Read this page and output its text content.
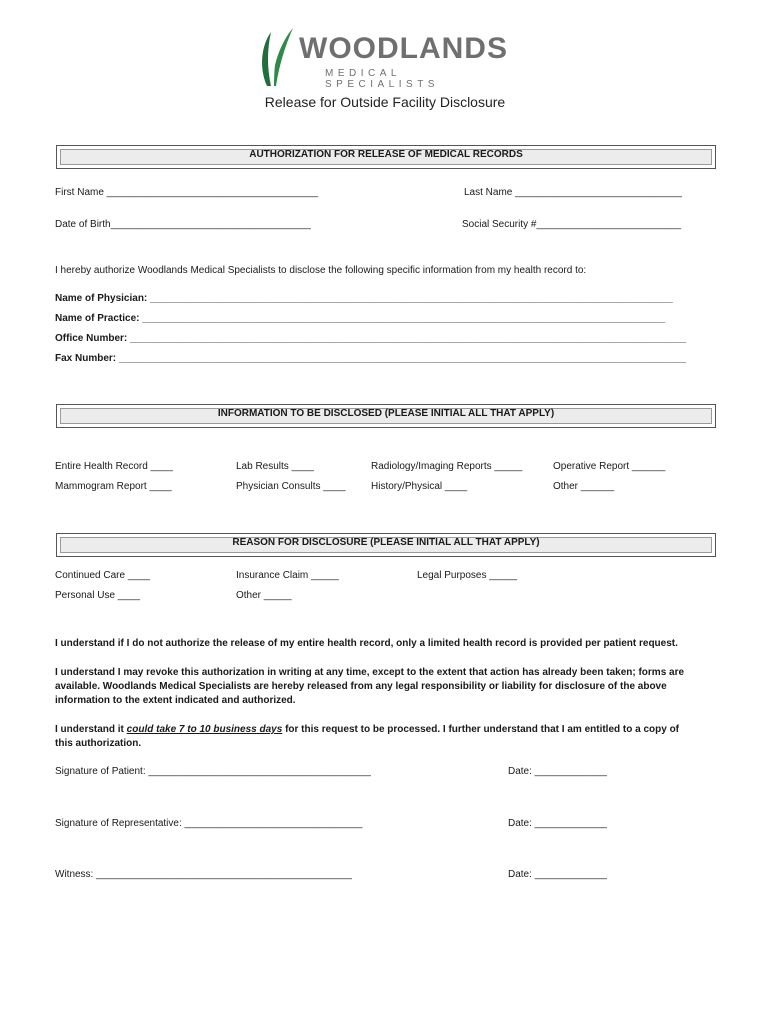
WOODLANDS
MEDICAL SPECIALISTS
Release for Outside Facility Disclosure
AUTHORIZATION FOR RELEASE OF MEDICAL RECORDS
First Name ______________________________________	Last Name ______________________________
Date of Birth____________________________________	Social Security #__________________________
I hereby authorize Woodlands Medical Specialists to disclose the following specific information from my health record to:
Name of Physician: ______________________________________________________________________________________________
Name of Practice: ______________________________________________________________________________________________
Office Number: ____________________________________________________________________________________________________
Fax Number: ______________________________________________________________________________________________________
INFORMATION TO BE DISCLOSED (PLEASE INITIAL ALL THAT APPLY)
Entire Health Record ____	Lab Results ____	Radiology/Imaging Reports _____	Operative Report ______
Mammogram Report ____	Physician Consults ____	History/Physical ____	Other ______
REASON FOR DISCLOSURE (PLEASE INITIAL ALL THAT APPLY)
Continued Care ____	Insurance Claim _____	Legal Purposes _____
Personal Use ____	Other _____
I understand if I do not authorize the release of my entire health record, only a limited health record is provided per patient request.
I understand I may revoke this authorization in writing at any time, except to the extent that action has already been taken; forms are
available. Woodlands Medical Specialists are hereby released from any legal responsibility or liability for disclosure of the above
information to the extent indicated and authorized.
I understand it could take 7 to 10 business days for this request to be processed. I further understand that I am entitled to a copy of
this authorization.
Signature of Patient: ________________________________________	Date: _____________
Signature of Representative: ________________________________	Date: _____________
Witness: ______________________________________________	Date: _____________
